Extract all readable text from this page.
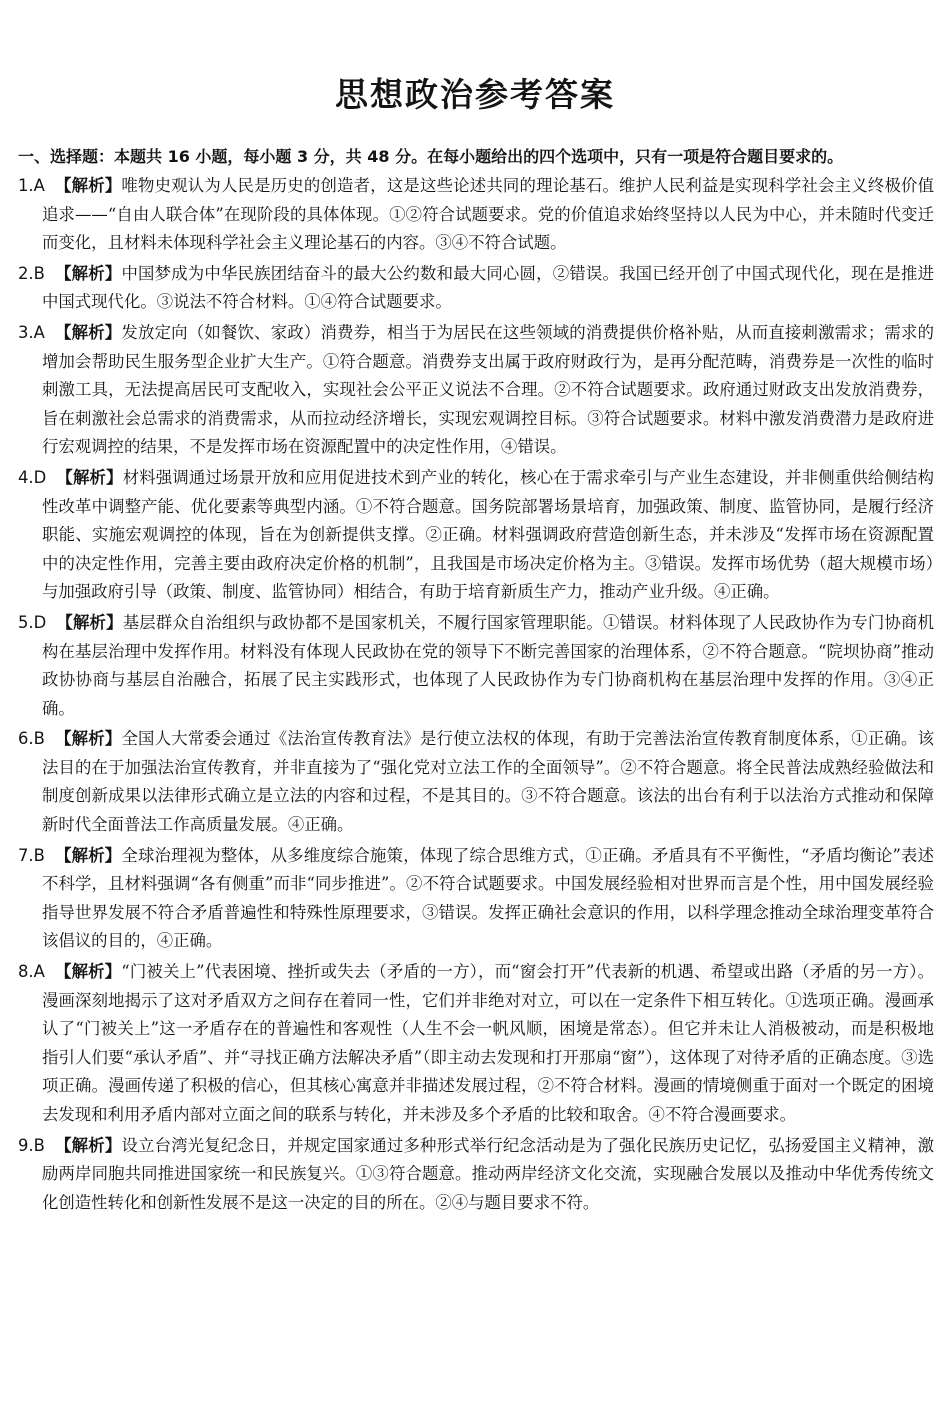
思想政治参考答案
一、选择题：本题共 16 小题，每小题 3 分，共 48 分。在每小题给出的四个选项中，只有一项是符合题目要求的。

1.A 【解析】唯物史观认为人民是历史的创造者，这是这些论述共同的理论基石。维护人民利益是实现科学社会主义终极价值追求——“自由人联合体”在现阶段的具体体现。①②符合试题要求。党的价值追求始终坚持以人民为中心，并未随时代变迁而变化，且材料未体现科学社会主义理论基石的内容。③④不符合试题。

2.B 【解析】中国梦成为中华民族团结奋斗的最大公约数和最大同心圆，②错误。我国已经开创了中国式现代化，现在是推进中国式现代化。③说法不符合材料。①④符合试题要求。

3.A 【解析】发放定向（如餐饮、家政）消费券，相当于为居民在这些领域的消费提供价格补贴，从而直接刺激需求；需求的增加会帮助民生服务型企业扩大生产。①符合题意。消费券支出属于政府财政行为，是再分配范畴，消费券是一次性的临时刺激工具，无法提高居民可支配收入，实现社会公平正义说法不合理。②不符合试题要求。政府通过财政支出发放消费券，旨在刺激社会总需求的消费需求，从而拉动经济增长，实现宏观调控目标。③符合试题要求。材料中激发消费潜力是政府进行宏观调控的结果，不是发挥市场在资源配置中的决定性作用，④错误。

4.D 【解析】材料强调通过场景开放和应用促进技术到产业的转化，核心在于需求牵引与产业生态建设，并非侧重供给侧结构性改革中调整产能、优化要素等典型内涵。①不符合题意。国务院部署场景培育，加强政策、制度、监管协同，是履行经济职能、实施宏观调控的体现，旨在为创新提供支撑。②正确。材料强调政府营造创新生态，并未涉及“发挥市场在资源配置中的决定性作用，完善主要由政府决定价格的机制”，且我国是市场决定价格为主。③错误。发挥市场优势（超大规模市场）与加强政府引导（政策、制度、监管协同）相结合，有助于培育新质生产力，推动产业升级。④正确。

5.D 【解析】基层群众自治组织与政协都不是国家机关，不履行国家管理职能。①错误。材料体现了人民政协作为专门协商机构在基层治理中发挥作用。材料没有体现人民政协在党的领导下不断完善国家的治理体系，②不符合题意。“院坝协商”推动政协协商与基层自治融合，拓展了民主实践形式，也体现了人民政协作为专门协商机构在基层治理中发挥的作用。③④正确。

6.B 【解析】全国人大常委会通过《法治宣传教育法》是行使立法权的体现，有助于完善法治宣传教育制度体系，①正确。该法目的在于加强法治宣传教育，并非直接为了“强化党对立法工作的全面领导”。②不符合题意。将全民普法成熟经验做法和制度创新成果以法律形式确立是立法的内容和过程，不是其目的。③不符合题意。该法的出台有利于以法治方式推动和保障新时代全面普法工作高质量发展。④正确。

7.B 【解析】全球治理视为整体，从多维度综合施策，体现了综合思维方式，①正确。矛盾具有不平衡性，“矛盾均衡论”表述不科学，且材料强调“各有侧重”而非“同步推进”。②不符合试题要求。中国发展经验相对世界而言是个性，用中国发展经验指导世界发展不符合矛盾普遍性和特殊性原理要求，③错误。发挥正确社会意识的作用，以科学理念推动全球治理变革符合该倡议的目的，④正确。

8.A 【解析】“门被关上”代表困境、挫折或失去（矛盾的一方），而“窗会打开”代表新的机遇、希望或出路（矛盾的另一方）。漫画深刻地揭示了这对矛盾双方之间存在着同一性，它们并非绝对对立，可以在一定条件下相互转化。①选项正确。漫画承认了“门被关上”这一矛盾存在的普遍性和客观性（人生不会一帆风顺，困境是常态）。但它并未让人消极被动，而是积极地指引人们要“承认矛盾”、并“寻找正确方法解决矛盾”（即主动去发现和打开那扇“窗”），这体现了对待矛盾的正确态度。③选项正确。漫画传递了积极的信心，但其核心寓意并非描述发展过程，②不符合材料。漫画的情境侧重于面对一个既定的困境去发现和利用矛盾内部对立面之间的联系与转化，并未涉及多个矛盾的比较和取舍。④不符合漫画要求。

9.B 【解析】设立台湾光复纪念日，并规定国家通过多种形式举行纪念活动是为了强化民族历史记忆，弘扬爱国主义精神，激励两岸同胞共同推进国家统一和民族复兴。①③符合题意。推动两岸经济文化交流，实现融合发展以及推动中华优秀传统文化创造性转化和创新性发展不是这一决定的目的所在。②④与题目要求不符。
